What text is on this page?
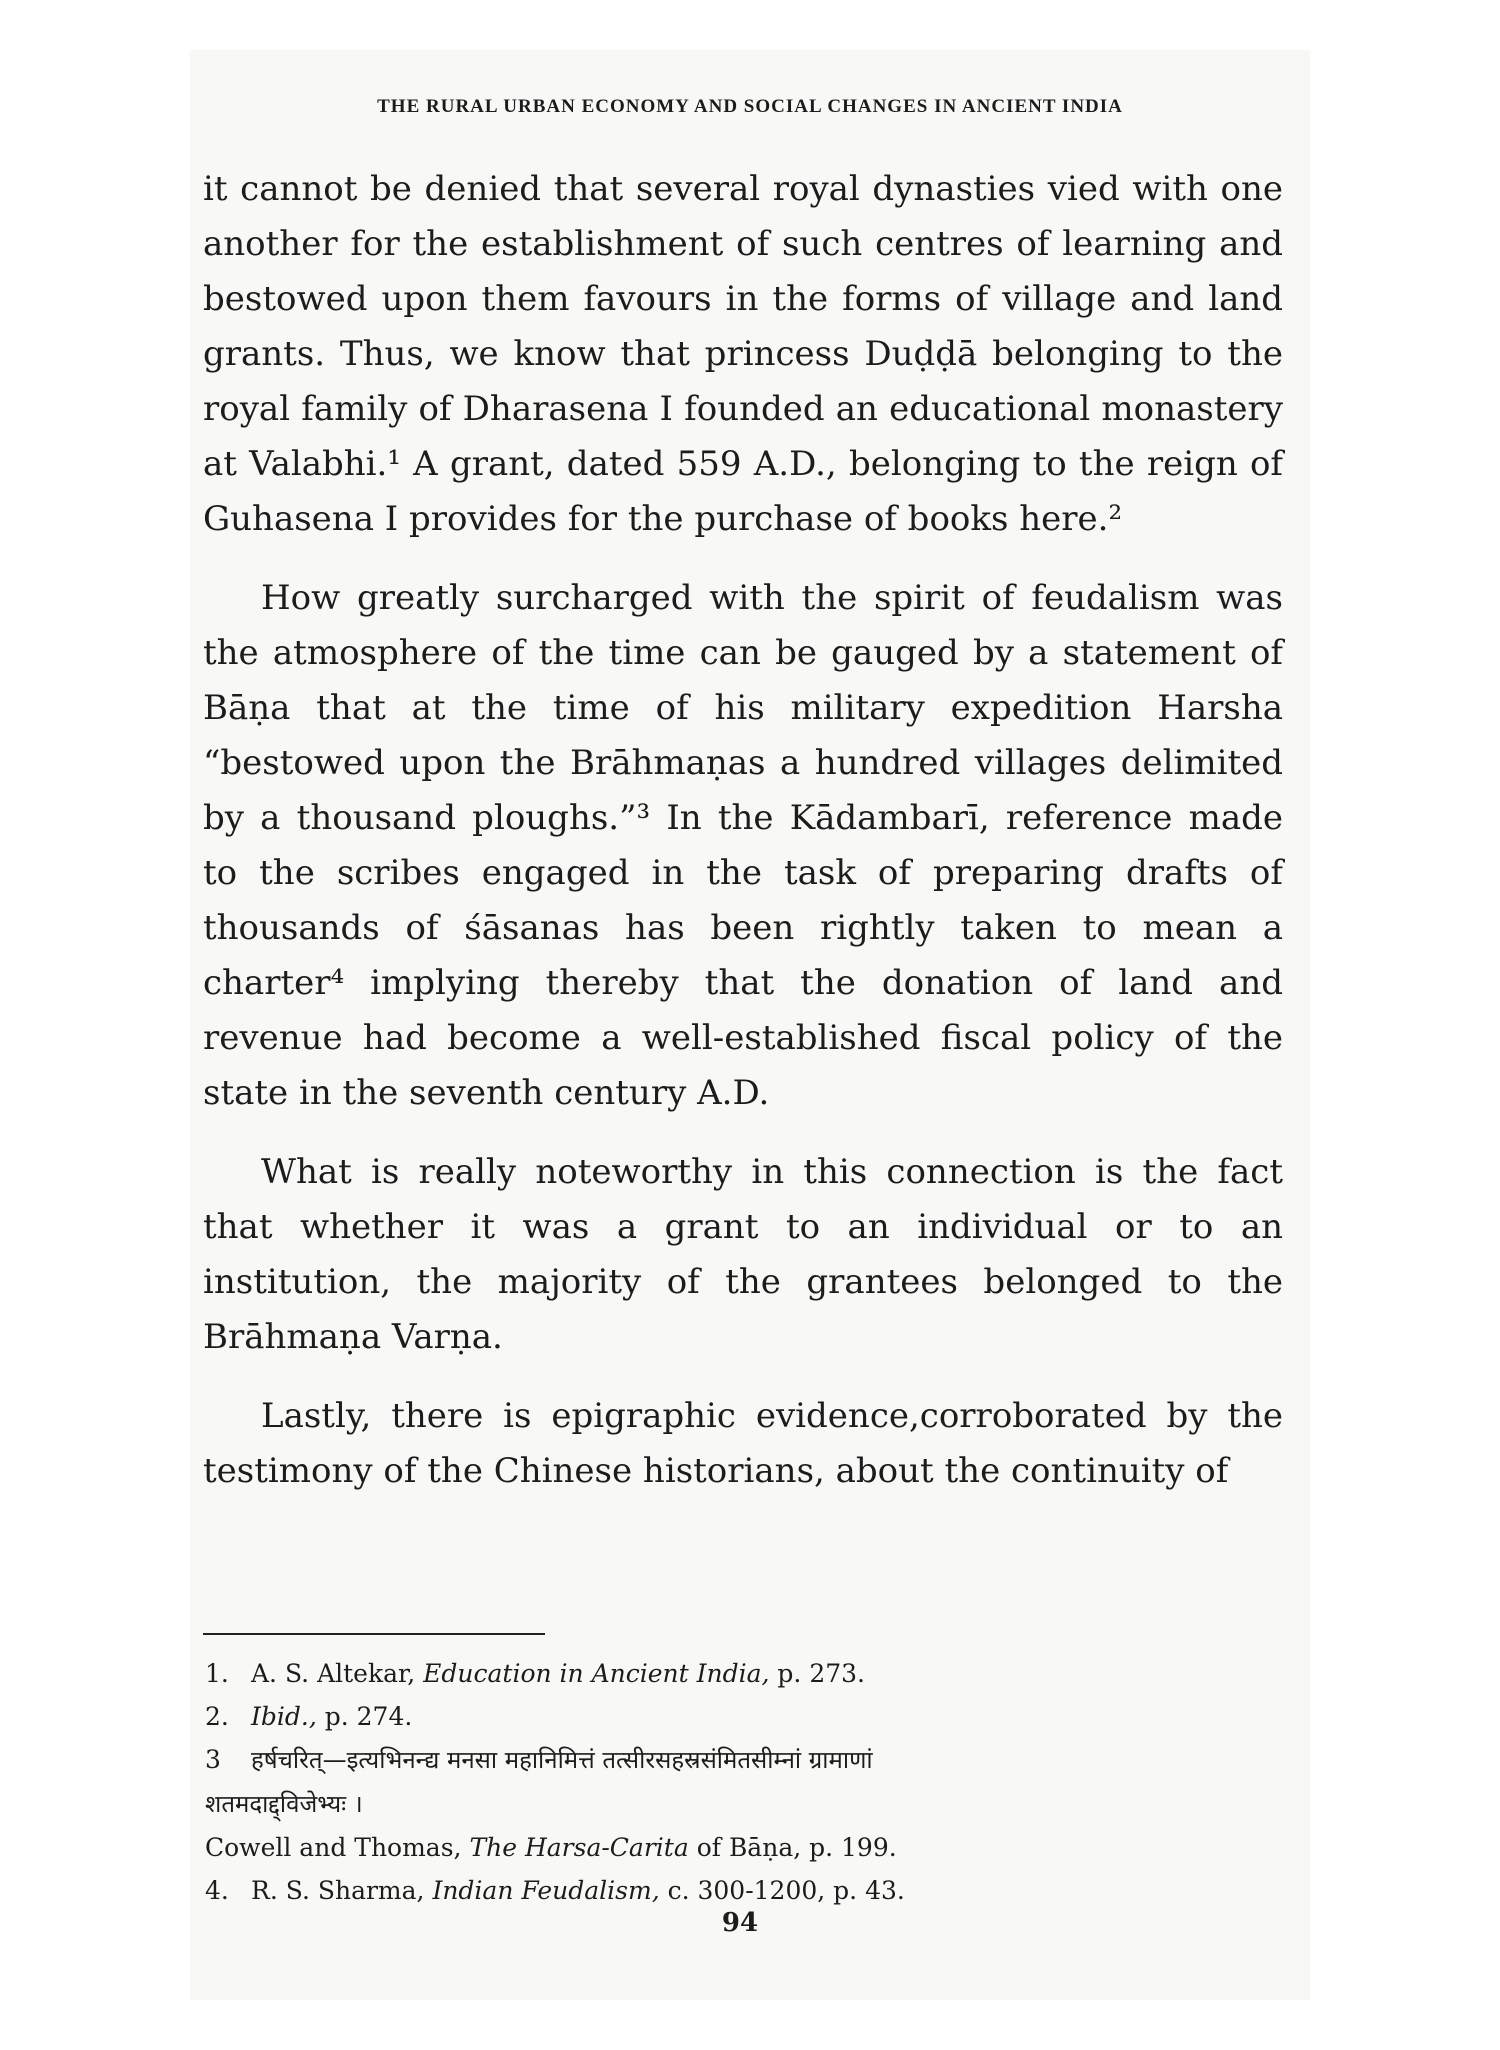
THE RURAL URBAN ECONOMY AND SOCIAL CHANGES IN ANCIENT INDIA

it cannot be denied that several royal dynasties vied with one another for the establishment of such centres of learning and bestowed upon them favours in the forms of village and land grants. Thus, we know that princess Duḍḍā belonging to the royal family of Dharasena I founded an educational monastery at Valabhi.¹ A grant, dated 559 A.D., belonging to the reign of Guhasena I provides for the purchase of books here.²

How greatly surcharged with the spirit of feudalism was the atmosphere of the time can be gauged by a statement of Bāṇa that at the time of his military expedition Harsha “bestowed upon the Brāhmaṇas a hundred villages delimited by a thousand ploughs.”³ In the Kādambarī, reference made to the scribes engaged in the task of preparing drafts of thousands of śāsanas has been rightly taken to mean a charter⁴ implying thereby that the donation of land and revenue had become a well-established fiscal policy of the state in the seventh century A.D.

What is really noteworthy in this connection is the fact that whether it was a grant to an individual or to an institution, the majority of the grantees belonged to the Brāhmaṇa Varṇa.

Lastly, there is epigraphic evidence,corroborated by the testimony of the Chinese historians, about the continuity of

1. A. S. Altekar, Education in Ancient India, p. 273.
2. Ibid., p. 274.
3 हर्षचरित्—इत्यभिनन्द्य मनसा महानिमित्तं तत्सीरसहस्रसंमितसीम्नां ग्रामाणां
शतमदाद्द्विजेभ्यः ।
Cowell and Thomas, The Harsa-Carita of Bāṇa, p. 199.
4. R. S. Sharma, Indian Feudalism, c. 300-1200, p. 43.
94
